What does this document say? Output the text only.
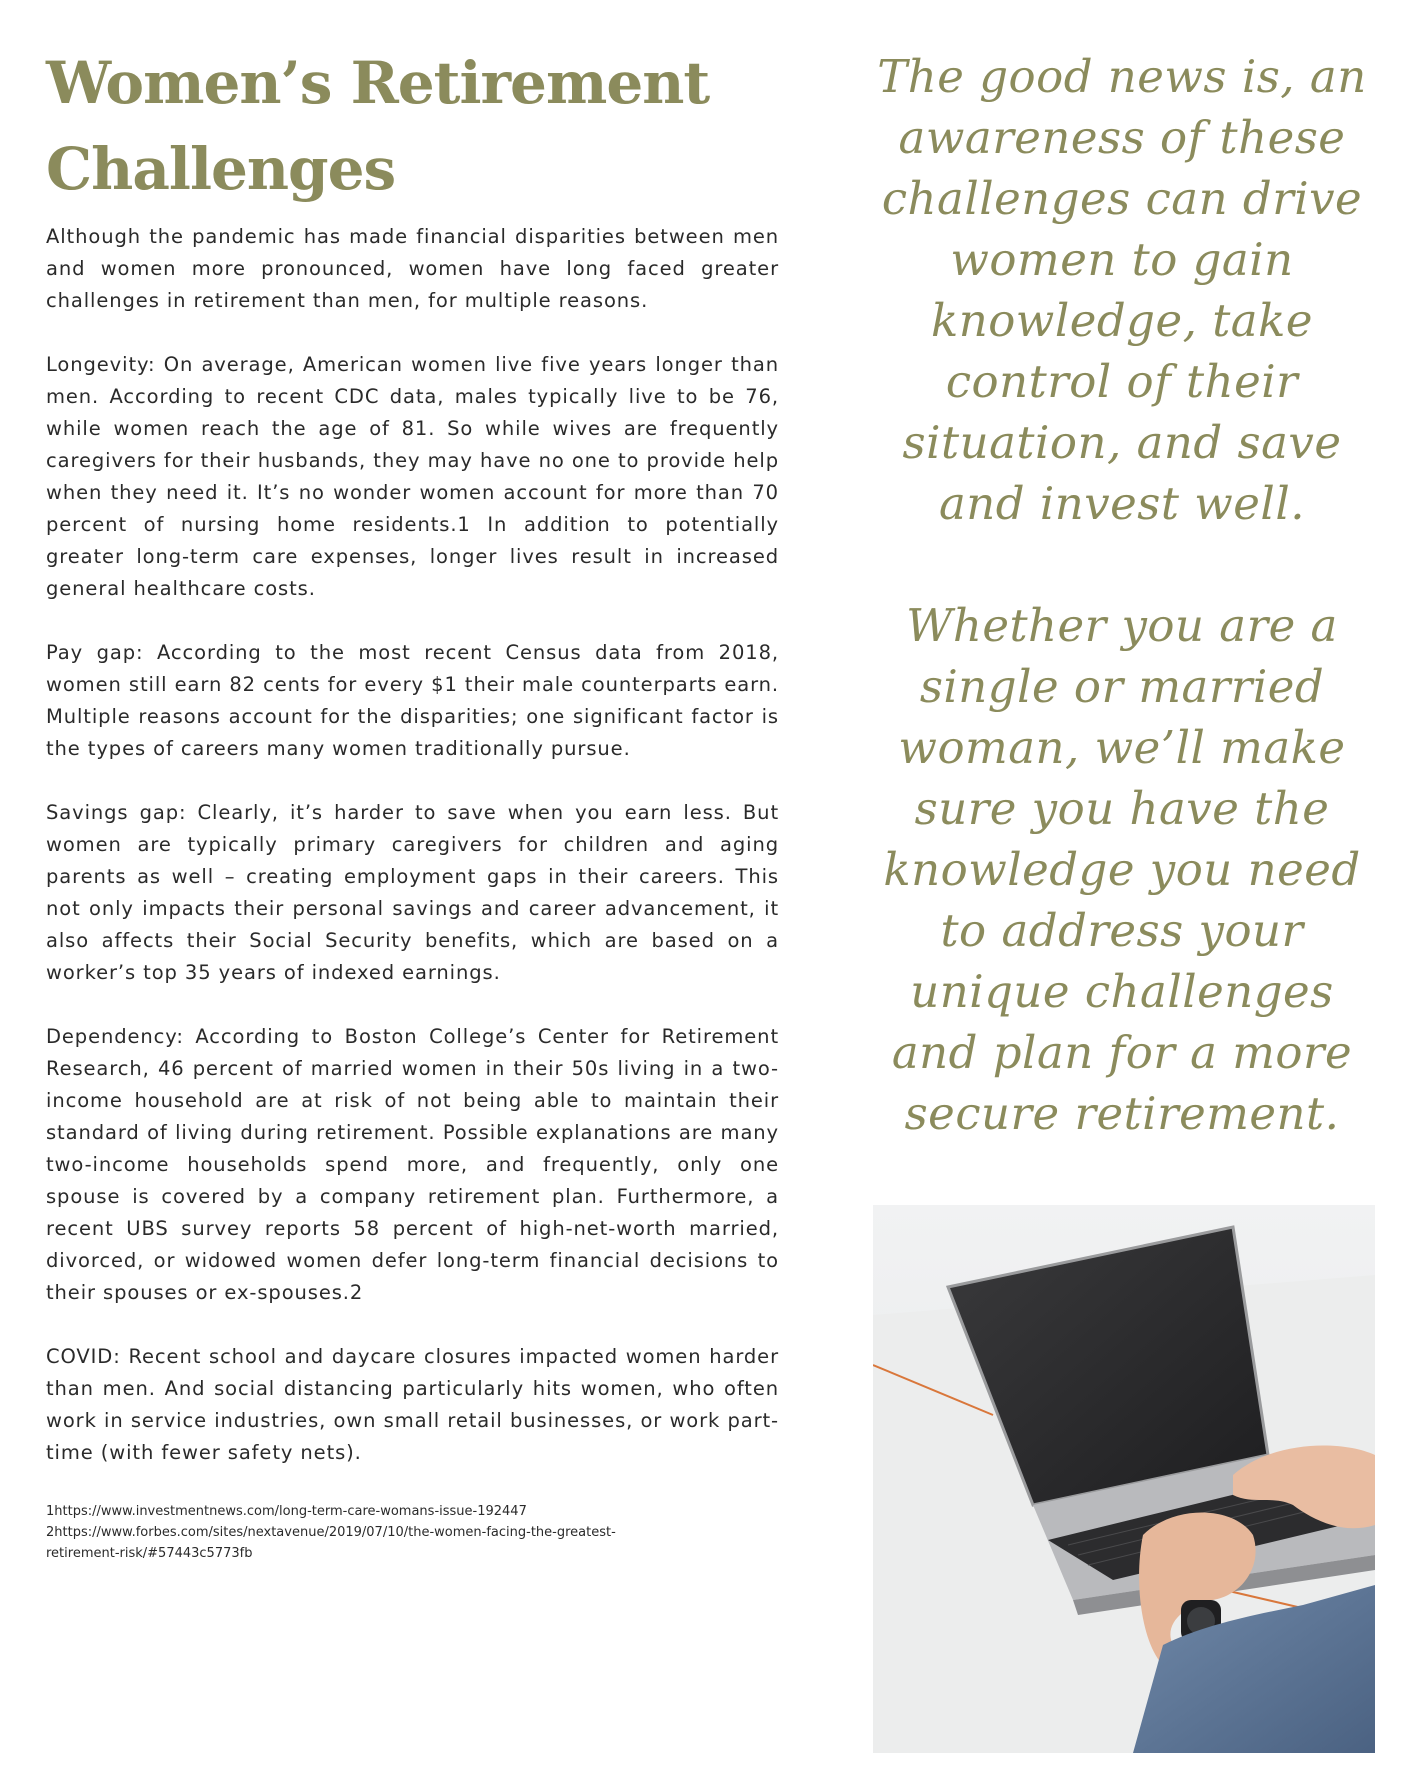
Women’s Retirement Challenges

Although the pandemic has made financial disparities between men and women more pronounced, women have long faced greater challenges in retirement than men, for multiple reasons.

Longevity: On average, American women live five years longer than men. According to recent CDC data, males typically live to be 76, while women reach the age of 81. So while wives are frequently caregivers for their husbands, they may have no one to provide help when they need it. It’s no wonder women account for more than 70 percent of nursing home residents.1 In addition to potentially greater long-term care expenses, longer lives result in increased general healthcare costs.

Pay gap: According to the most recent Census data from 2018, women still earn 82 cents for every $1 their male counterparts earn. Multiple reasons account for the disparities; one significant factor is the types of careers many women traditionally pursue.

Savings gap: Clearly, it’s harder to save when you earn less. But women are typically primary caregivers for children and aging parents as well – creating employment gaps in their careers. This not only impacts their personal savings and career advancement, it also affects their Social Security benefits, which are based on a worker’s top 35 years of indexed earnings.

Dependency: According to Boston College’s Center for Retirement Research, 46 percent of married women in their 50s living in a two-income household are at risk of not being able to maintain their standard of living during retirement. Possible explanations are many two-income households spend more, and frequently, only one spouse is covered by a company retirement plan. Furthermore, a recent UBS survey reports 58 percent of high-net-worth married, divorced, or widowed women defer long-term financial decisions to their spouses or ex-spouses.2

COVID: Recent school and daycare closures impacted women harder than men. And social distancing particularly hits women, who often work in service industries, own small retail businesses, or work part-time (with fewer safety nets).

1https://www.investmentnews.com/long-term-care-womans-issue-192447
2https://www.forbes.com/sites/nextavenue/2019/07/10/the-women-facing-the-greatest-retirement-risk/#57443c5773fb

The good news is, an awareness of these challenges can drive women to gain knowledge, take control of their situation, and save and invest well.

Whether you are a single or married woman, we’ll make sure you have the knowledge you need to address your unique challenges and plan for a more secure retirement.
